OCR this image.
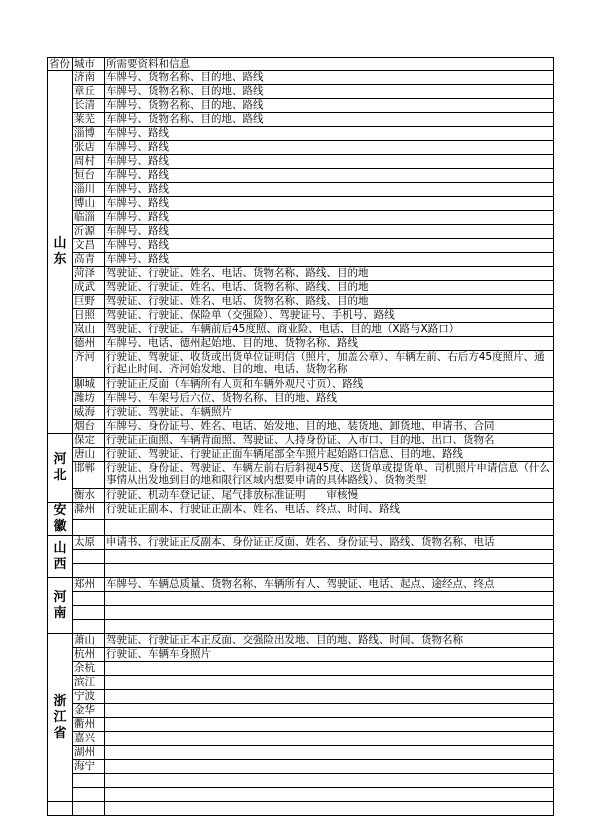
省份	城市	所需要资料和信息
山东	济南	车牌号、货物名称、目的地、路线
	章丘	车牌号、货物名称、目的地、路线
	长清	车牌号、货物名称、目的地、路线
	莱芜	车牌号、货物名称、目的地、路线
	淄博	车牌号、路线
	张店	车牌号、路线
	周村	车牌号、路线
	恒台	车牌号、路线
	淄川	车牌号、路线
	博山	车牌号、路线
	临淄	车牌号、路线
	沂源	车牌号、路线
	文昌	车牌号、路线
	高青	车牌号、路线
	菏泽	驾驶证、行驶证、姓名、电话、货物名称、路线、目的地
	成武	驾驶证、行驶证、姓名、电话、货物名称、路线、目的地
	巨野	驾驶证、行驶证、姓名、电话、货物名称、路线、目的地
	日照	驾驶证、行驶证、保险单（交强险）、驾驶证号、手机号、路线
	岚山	驾驶证、行驶证、车辆前后45度照、商业险、电话、目的地（X路与X路口）
	德州	车牌号、电话、德州起始地、目的地、货物名称、路线
	齐河	行驶证、驾驶证、收货或出货单位证明信（照片，加盖公章）、车辆左前、右后方45度照片、通行起止时间、齐河始发地、目的地、电话、货物名称
	聊城	行驶证正反面（车辆所有人页和车辆外观尺寸页）、路线
	潍坊	车牌号、车架号后六位、货物名称、目的地、路线
	威海	行驶证、驾驶证、车辆照片
	烟台	车牌号、身份证号、姓名、电话、始发地、目的地、装货地、卸货地、申请书、合同
河北	保定	行驶证正面照、车辆背面照、驾驶证、人持身份证、入市口、目的地、出口、货物名
	唐山	行驶证、驾驶证、行驶证正面车辆尾部全车照片起始路口信息、目的地、路线
	邯郸	行驶证、身份证、驾驶证、车辆左前右后斜视45度、送货单或提货单、司机照片申请信息（什么事情从出发地到目的地和限行区域内想要申请的具体路线）、货物类型
	衡水	行驶证、机动车登记证、尾气排放标准证明　　审核慢
安徽	滁州	行驶证正副本、行驶证正副本、姓名、电话、终点、时间、路线

山西	太原	申请书、行驶证正反副本、身份证正反面、姓名、身份证号、路线、货物名称、电话

河南	郑州	车牌号、车辆总质量、货物名称、车辆所有人、驾驶证、电话、起点、途经点、终点

浙江省	萧山	驾驶证、行驶证正本正反面、交强险出发地、目的地、路线、时间、货物名称
	杭州	行驶证、车辆车身照片
	余杭	
	滨江	
	宁波	
	金华	
	衢州	
	嘉兴	
	湖州	
	海宁	
